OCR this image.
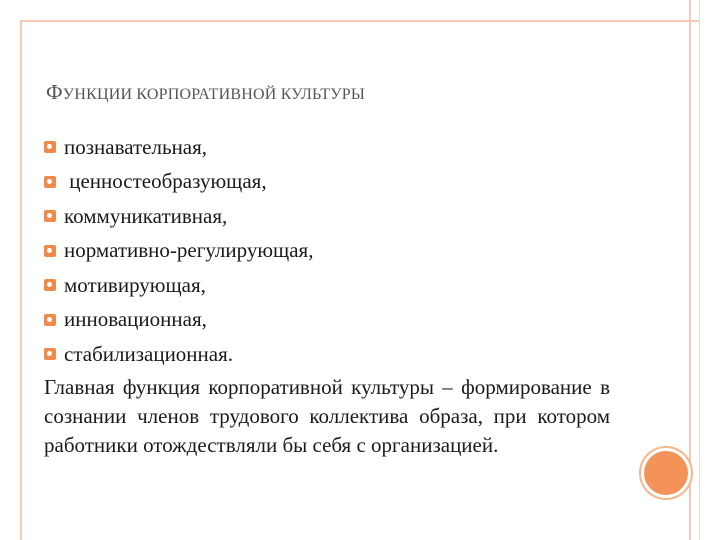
ФУНКЦИИ КОРПОРАТИВНОЙ КУЛЬТУРЫ
познавательная,
ценностеобразующая,
коммуникативная,
нормативно-регулирующая,
мотивирующая,
инновационная,
стабилизационная.
Главная функция корпоративной культуры – формирование в сознании членов трудового коллектива образа, при котором работники отождествляли бы себя с организацией.
